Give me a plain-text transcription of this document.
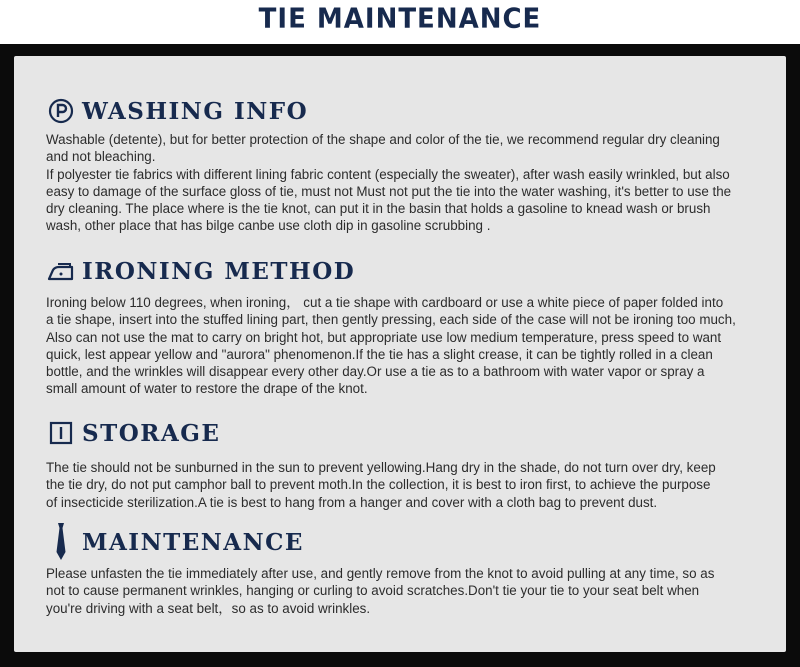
TIE MAINTENANCE
WASHING INFO

Washable (detente), but for better protection of the shape and color of the tie, we recommend regular dry cleaning
and not bleaching.
If polyester tie fabrics with different lining fabric content (especially the sweater), after wash easily wrinkled, but also
easy to damage of the surface gloss of tie, must not Must not put the tie into the water washing, it's better to use the
dry cleaning. The place where is the tie knot, can put it in the basin that holds a gasoline to knead wash or brush
wash, other place that has bilge canbe use cloth dip in gasoline scrubbing .

IRONING METHOD

Ironing below 110 degrees, when ironing， cut a tie shape with cardboard or use a white piece of paper folded into
a tie shape, insert into the stuffed lining part, then gently pressing, each side of the case will not be ironing too much,
Also can not use the mat to carry on bright hot, but appropriate use low medium temperature, press speed to want
quick, lest appear yellow and "aurora" phenomenon.If the tie has a slight crease, it can be tightly rolled in a clean
bottle, and the wrinkles will disappear every other day.Or use a tie as to a bathroom with water vapor or spray a
small amount of water to restore the drape of the knot.

STORAGE

The tie should not be sunburned in the sun to prevent yellowing.Hang dry in the shade, do not turn over dry, keep
the tie dry, do not put camphor ball to prevent moth.In the collection, it is best to iron first, to achieve the purpose
of insecticide sterilization.A tie is best to hang from a hanger and cover with a cloth bag to prevent dust.

MAINTENANCE

Please unfasten the tie immediately after use, and gently remove from the knot to avoid pulling at any time, so as
not to cause permanent wrinkles, hanging or curling to avoid scratches.Don't tie your tie to your seat belt when
you're driving with a seat belt，so as to avoid wrinkles.
